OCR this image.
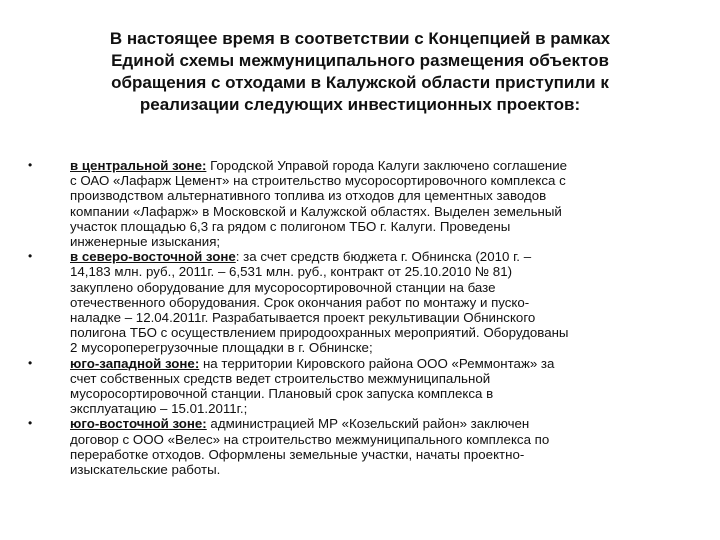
В настоящее время в соответствии с Концепцией в рамках
Единой схемы межмуниципального размещения объектов
обращения с отходами в Калужской области приступили к
реализации следующих инвестиционных проектов:
•	в центральной зоне: Городской Управой города Калуги заключено соглашение
с ОАО «Лафарж Цемент» на строительство мусоросортировочного комплекса с
производством альтернативного топлива из отходов для цементных заводов
компании «Лафарж» в Московской и Калужской областях. Выделен земельный
участок площадью 6,3 га рядом с полигоном ТБО г. Калуги. Проведены
инженерные изыскания;
•	в северо-восточной зоне: за счет средств бюджета г. Обнинска (2010 г. –
14,183 млн. руб., 2011г. – 6,531 млн. руб., контракт от 25.10.2010 № 81)
закуплено оборудование для мусоросортировочной станции на базе
отечественного оборудования. Срок окончания работ по монтажу и пуско-
наладке – 12.04.2011г. Разрабатывается проект рекультивации Обнинского
полигона ТБО с осуществлением природоохранных мероприятий. Оборудованы
2 мусороперегрузочные площадки в г. Обнинске;
•	юго-западной зоне: на территории Кировского района ООО «Реммонтаж» за
счет собственных средств ведет строительство межмуниципальной
мусоросортировочной станции. Плановый срок запуска комплекса в
эксплуатацию – 15.01.2011г.;
•	юго-восточной зоне: администрацией МР «Козельский район» заключен
договор с ООО «Велес» на строительство межмуниципального комплекса по
переработке отходов. Оформлены земельные участки, начаты проектно-
изыскательские работы.
